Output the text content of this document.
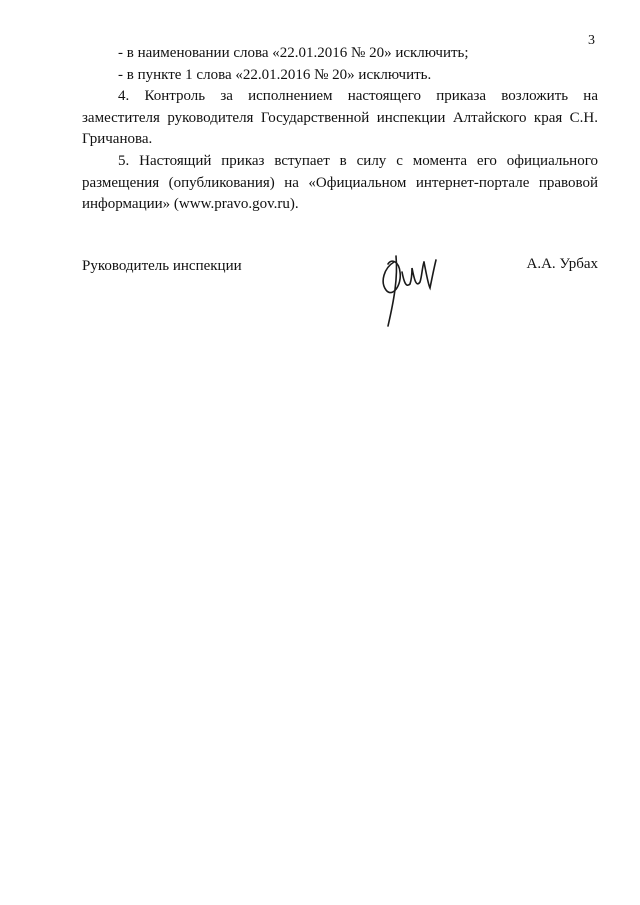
3

- в наименовании слова «22.01.2016 № 20» исключить;

- в пункте 1 слова «22.01.2016 № 20» исключить.

4. Контроль за исполнением настоящего приказа возложить на заместителя руководителя Государственной инспекции Алтайского края С.Н. Гричанова.

5. Настоящий приказ вступает в силу с момента его официального размещения (опубликования) на «Официальном интернет-портале правовой информации» (www.pravo.gov.ru).

Руководитель инспекции	А.А. Урбах
